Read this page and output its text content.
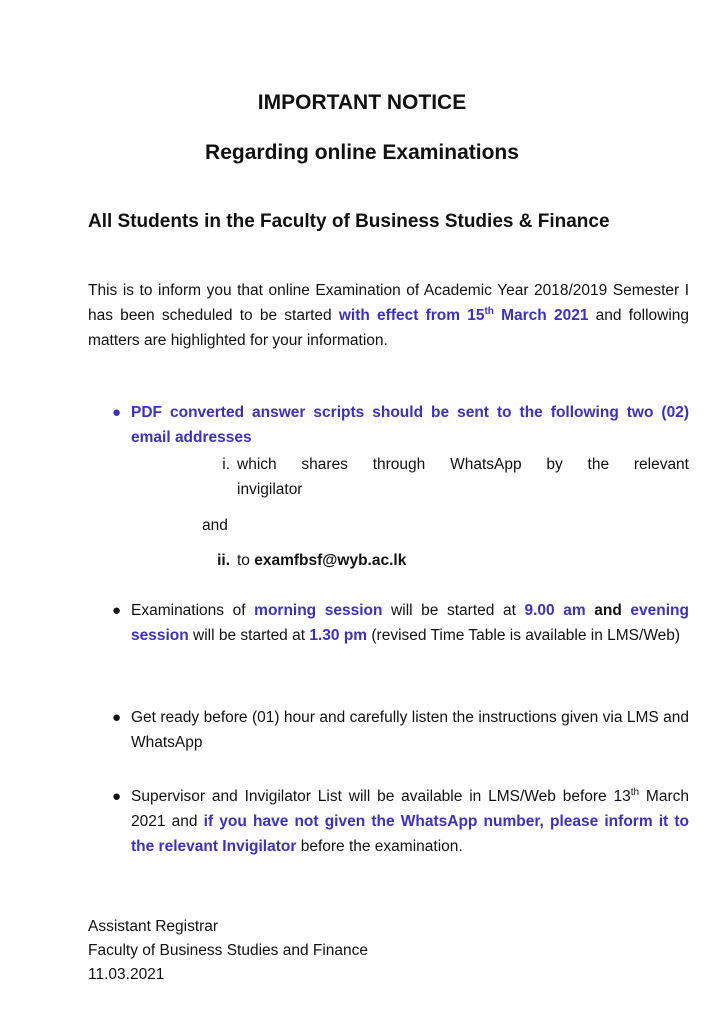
IMPORTANT NOTICE
Regarding online Examinations
All Students in the Faculty of Business Studies & Finance

This is to inform you that online Examination of Academic Year 2018/2019 Semester I has been scheduled to be started with effect from 15th March 2021 and following matters are highlighted for your information.

● PDF converted answer scripts should be sent to the following two (02) email addresses

i. which shares through WhatsApp by the relevant

invigilator

and

ii. to examfbsf@wyb.ac.lk

● Examinations of morning session will be started at 9.00 am and evening session will be started at 1.30 pm (revised Time Table is available in LMS/Web)

● Get ready before (01) hour and carefully listen the instructions given via LMS and WhatsApp

● Supervisor and Invigilator List will be available in LMS/Web before 13th March 2021 and if you have not given the WhatsApp number, please inform it to the relevant Invigilator before the examination.

Assistant Registrar
Faculty of Business Studies and Finance
11.03.2021
